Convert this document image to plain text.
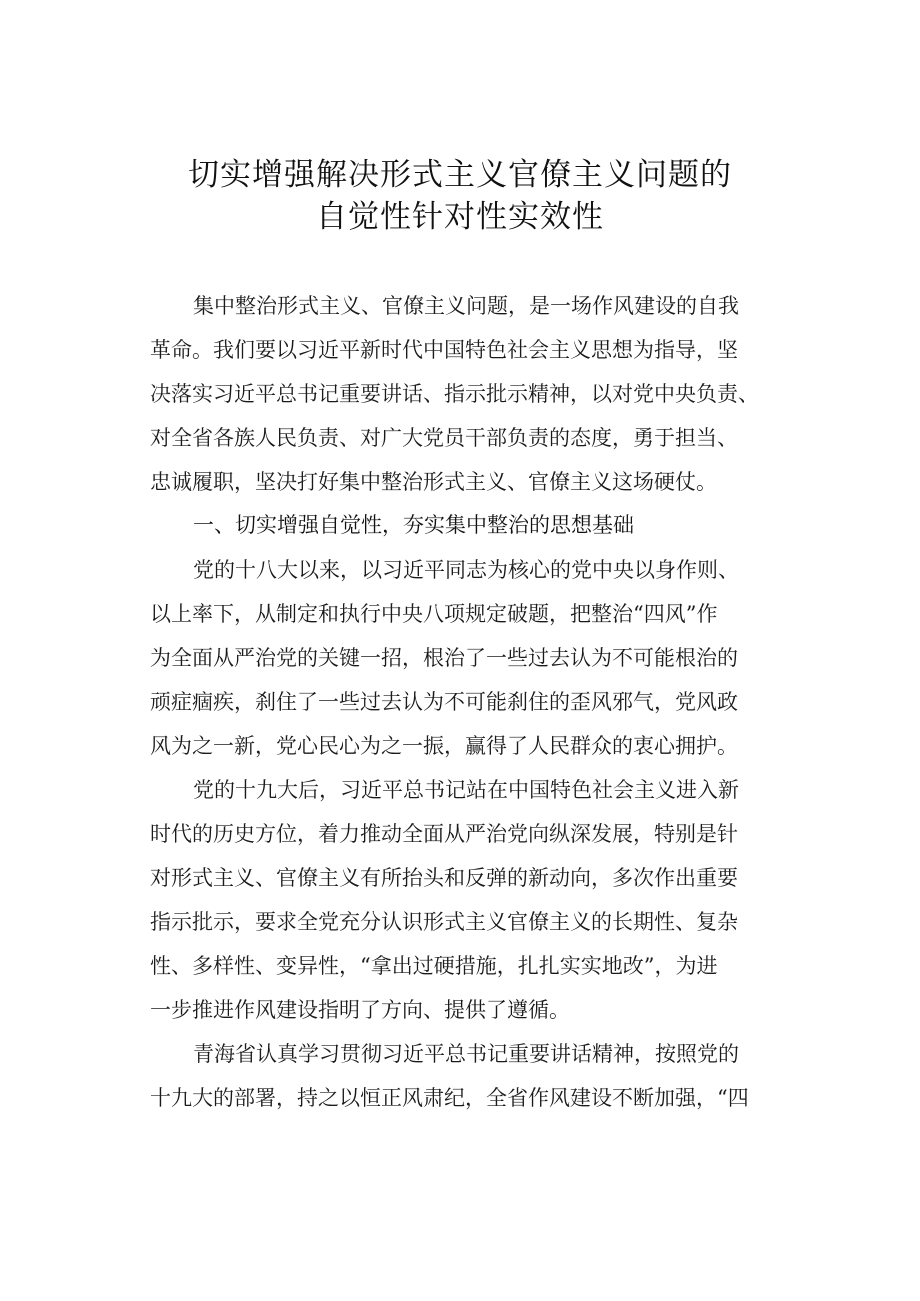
切实增强解决形式主义官僚主义问题的
自觉性针对性实效性
集中整治形式主义、官僚主义问题，是一场作风建设的自我
革命。我们要以习近平新时代中国特色社会主义思想为指导，坚
决落实习近平总书记重要讲话、指示批示精神，以对党中央负责、
对全省各族人民负责、对广大党员干部负责的态度，勇于担当、
忠诚履职，坚决打好集中整治形式主义、官僚主义这场硬仗。
一、切实增强自觉性，夯实集中整治的思想基础
党的十八大以来，以习近平同志为核心的党中央以身作则、
以上率下，从制定和执行中央八项规定破题，把整治“四风”作
为全面从严治党的关键一招，根治了一些过去认为不可能根治的
顽症痼疾，刹住了一些过去认为不可能刹住的歪风邪气，党风政
风为之一新，党心民心为之一振，赢得了人民群众的衷心拥护。
党的十九大后，习近平总书记站在中国特色社会主义进入新
时代的历史方位，着力推动全面从严治党向纵深发展，特别是针
对形式主义、官僚主义有所抬头和反弹的新动向，多次作出重要
指示批示，要求全党充分认识形式主义官僚主义的长期性、复杂
性、多样性、变异性，“拿出过硬措施，扎扎实实地改”，为进
一步推进作风建设指明了方向、提供了遵循。
青海省认真学习贯彻习近平总书记重要讲话精神，按照党的
十九大的部署，持之以恒正风肃纪，全省作风建设不断加强，“四
